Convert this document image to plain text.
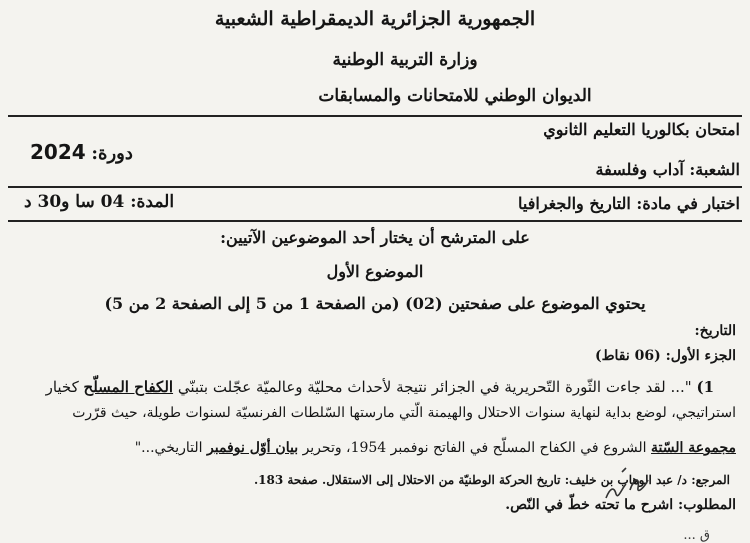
الجمهورية الجزائرية الديمقراطية الشعبية
وزارة التربية الوطنية
الديوان الوطني للامتحانات والمسابقات
امتحان بكالوريا التعليم الثانوي
دورة: 2024
الشعبة: آداب وفلسفة
اختبار في مادة: التاريخ والجغرافيا
المدة: 04 سا و30 د
على المترشح أن يختار أحد الموضوعين الآتيين:
الموضوع الأول
يحتوي الموضوع على صفحتين (02) (من الصفحة 1 من 5 إلى الصفحة 2 من 5)
التاريخ:
الجزء الأول: (06 نقاط)
1) "... لقد جاءت الثّورة التّحريرية في الجزائر نتيجة لأحداث محليّة وعالميّة عجّلت بتبنّي الكفاح المسلّح كخيار
استراتيجي، لوضع بداية لنهاية سنوات الاحتلال والهيمنة الّتي مارستها السّلطات الفرنسيّة لسنوات طويلة، حيث قرّرت
مجموعة السّتة الشروع في الكفاح المسلّح في الفاتح نوفمبر 1954، وتحرير بيان أوّل نوفمبر التاريخي..."
المرجع: د/ عبد الوهاب بن خليف: تاريخ الحركة الوطنيّة من الاحتلال إلى الاستقلال. صفحة 183.
المطلوب: اشرح ما تحته خطّ في النّص.
ق ...
